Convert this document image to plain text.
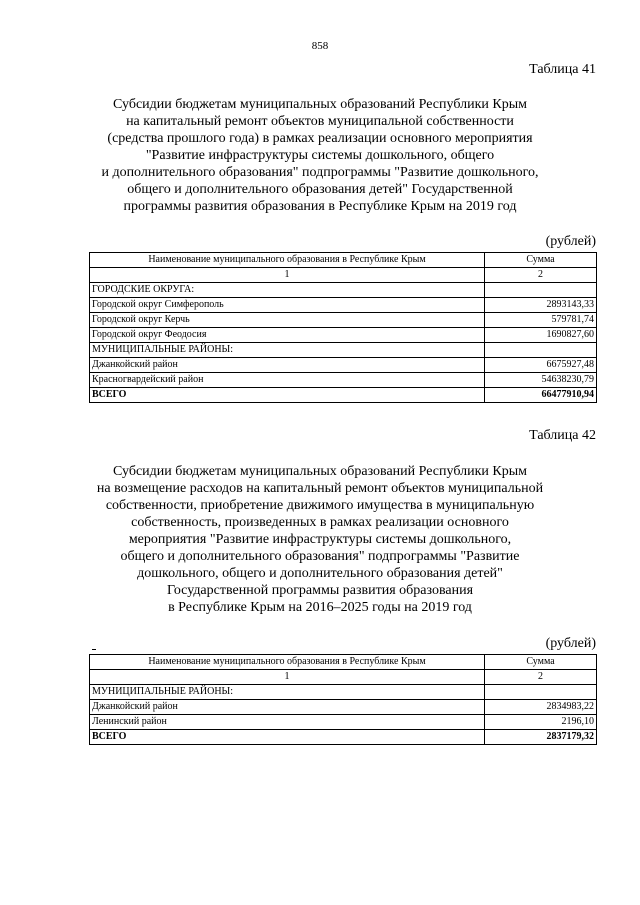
858
Таблица 41
Субсидии бюджетам муниципальных образований Республики Крым
на капитальный ремонт объектов муниципальной собственности
(средства прошлого года) в рамках реализации основного мероприятия
"Развитие инфраструктуры системы дошкольного, общего
и дополнительного образования" подпрограммы "Развитие дошкольного,
общего и дополнительного образования детей" Государственной
программы развития образования в Республике Крым на 2019 год
(рублей)
Наименование муниципального образования в Республике Крым	Сумма
1	2
ГОРОДСКИЕ ОКРУГА:	
Городской округ Симферополь	2893143,33
Городской округ Керчь	579781,74
Городской округ Феодосия	1690827,60
МУНИЦИПАЛЬНЫЕ РАЙОНЫ:	
Джанкойский район	6675927,48
Красногвардейский район	54638230,79
ВСЕГО	66477910,94
Таблица 42
Субсидии бюджетам муниципальных образований Республики Крым
на возмещение расходов на капитальный ремонт объектов муниципальной
собственности, приобретение движимого имущества в муниципальную
собственность, произведенных в рамках реализации основного
мероприятия "Развитие инфраструктуры системы дошкольного,
общего и дополнительного образования" подпрограммы "Развитие
дошкольного, общего и дополнительного образования детей"
Государственной программы развития образования
в Республике Крым на 2016–2025 годы на 2019 год
(рублей)
Наименование муниципального образования в Республике Крым	Сумма
1	2
МУНИЦИПАЛЬНЫЕ РАЙОНЫ:	
Джанкойский район	2834983,22
Ленинский район	2196,10
ВСЕГО	2837179,32
